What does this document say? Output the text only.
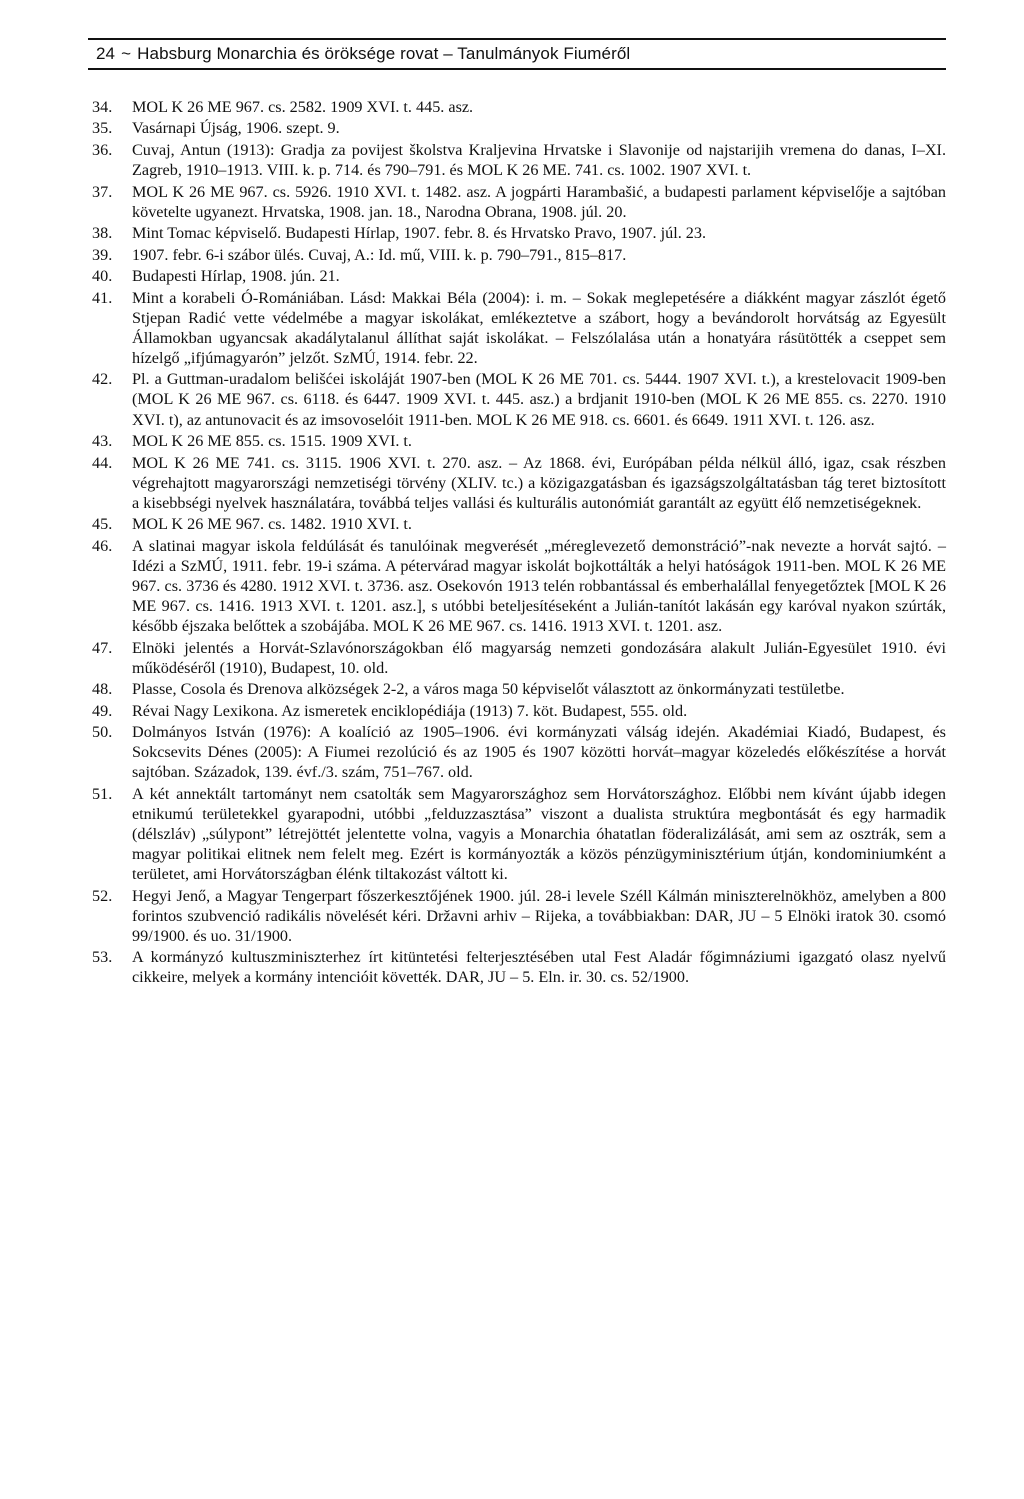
24 ~ Habsburg Monarchia és öröksége rovat – Tanulmányok Fiuméről
34.	MOL K 26 ME 967. cs. 2582. 1909 XVI. t. 445. asz.
35.	Vasárnapi Újság, 1906. szept. 9.
36.	Cuvaj, Antun (1913): Gradja za povijest školstva Kraljevina Hrvatske i Slavonije od najstarijih vremena do danas, I–XI. Zagreb, 1910–1913. VIII. k. p. 714. és 790–791. és MOL K 26 ME. 741. cs. 1002. 1907 XVI. t.
37.	MOL K 26 ME 967. cs. 5926. 1910 XVI. t. 1482. asz. A jogpárti Harambašić, a budapesti parlament képviselője a sajtóban követelte ugyanezt. Hrvatska, 1908. jan. 18., Narodna Obrana, 1908. júl. 20.
38.	Mint Tomac képviselő. Budapesti Hírlap, 1907. febr. 8. és Hrvatsko Pravo, 1907. júl. 23.
39.	1907. febr. 6-i szábor ülés. Cuvaj, A.: Id. mű, VIII. k. p. 790–791., 815–817.
40.	Budapesti Hírlap, 1908. jún. 21.
41.	Mint a korabeli Ó-Romániában. Lásd: Makkai Béla (2004): i. m. – Sokak meglepetésére a diákként magyar zászlót égető Stjepan Radić vette védelmébe a magyar iskolákat, emlékeztetve a szábort, hogy a bevándorolt horvátság az Egyesült Államokban ugyancsak akadálytalanul állíthat saját iskolákat. – Felszólalása után a honatyára rásütötték a cseppet sem hízelgő „ifjúmagyarón” jelzőt. SzMÚ, 1914. febr. 22.
42.	Pl. a Guttman-uradalom belišćei iskoláját 1907-ben (MOL K 26 ME 701. cs. 5444. 1907 XVI. t.), a krestelovacit 1909-ben (MOL K 26 ME 967. cs. 6118. és 6447. 1909 XVI. t. 445. asz.) a brdjanit 1910-ben (MOL K 26 ME 855. cs. 2270. 1910 XVI. t), az antunovacit és az imsovoselóit 1911-ben. MOL K 26 ME 918. cs. 6601. és 6649. 1911 XVI. t. 126. asz.
43.	MOL K 26 ME 855. cs. 1515. 1909 XVI. t.
44.	MOL K 26 ME 741. cs. 3115. 1906 XVI. t. 270. asz. – Az 1868. évi, Európában példa nélkül álló, igaz, csak részben végrehajtott magyarországi nemzetiségi törvény (XLIV. tc.) a közigazgatásban és igazságszolgáltatásban tág teret biztosított a kisebbségi nyelvek használatára, továbbá teljes vallási és kulturális autonómiát garantált az együtt élő nemzetiségeknek.
45.	MOL K 26 ME 967. cs. 1482. 1910 XVI. t.
46.	A slatinai magyar iskola feldúlását és tanulóinak megverését „méreglevezető demonstráció”-nak nevezte a horvát sajtó. – Idézi a SzMÚ, 1911. febr. 19-i száma. A pétervárad magyar iskolát bojkottálták a helyi hatóságok 1911-ben. MOL K 26 ME 967. cs. 3736 és 4280. 1912 XVI. t. 3736. asz. Osekovón 1913 telén robbantással és emberhalállal fenyegetőztek [MOL K 26 ME 967. cs. 1416. 1913 XVI. t. 1201. asz.], s utóbbi beteljesítéseként a Julián-tanítót lakásán egy karóval nyakon szúrták, később éjszaka belőttek a szobájába. MOL K 26 ME 967. cs. 1416. 1913 XVI. t. 1201. asz.
47.	Elnöki jelentés a Horvát-Szlavónországokban élő magyarság nemzeti gondozására alakult Julián-Egyesület 1910. évi működéséről (1910), Budapest, 10. old.
48.	Plasse, Cosola és Drenova alközségek 2-2, a város maga 50 képviselőt választott az önkormányzati testületbe.
49.	Révai Nagy Lexikona. Az ismeretek enciklopédiája (1913) 7. köt. Budapest, 555. old.
50.	Dolmányos István (1976): A koalíció az 1905–1906. évi kormányzati válság idején. Akadémiai Kiadó, Budapest, és Sokcsevits Dénes (2005): A Fiumei rezolúció és az 1905 és 1907 közötti horvát–magyar közeledés előkészítése a horvát sajtóban. Századok, 139. évf./3. szám, 751–767. old.
51.	A két annektált tartományt nem csatolták sem Magyarországhoz sem Horvátországhoz. Előbbi nem kívánt újabb idegen etnikumú területekkel gyarapodni, utóbbi „felduzzasztása” viszont a dualista struktúra megbontását és egy harmadik (délszláv) „súlypont” létrejöttét jelentette volna, vagyis a Monarchia óhatatlan föderalizálását, ami sem az osztrák, sem a magyar politikai elitnek nem felelt meg. Ezért is kormányozták a közös pénzügyminisztérium útján, kondominiumként a területet, ami Horvátországban élénk tiltakozást váltott ki.
52.	Hegyi Jenő, a Magyar Tengerpart főszerkesztőjének 1900. júl. 28-i levele Széll Kálmán miniszterelnökhöz, amelyben a 800 forintos szubvenció radikális növelését kéri. Državni arhiv – Rijeka, a továbbiakban: DAR, JU – 5 Elnöki iratok 30. csomó 99/1900. és uo. 31/1900.
53.	A kormányzó kultuszminiszterhez írt kitüntetési felterjesztésében utal Fest Aladár főgimnáziumi igazgató olasz nyelvű cikkeire, melyek a kormány intencióit követték. DAR, JU – 5. Eln. ir. 30. cs. 52/1900.
